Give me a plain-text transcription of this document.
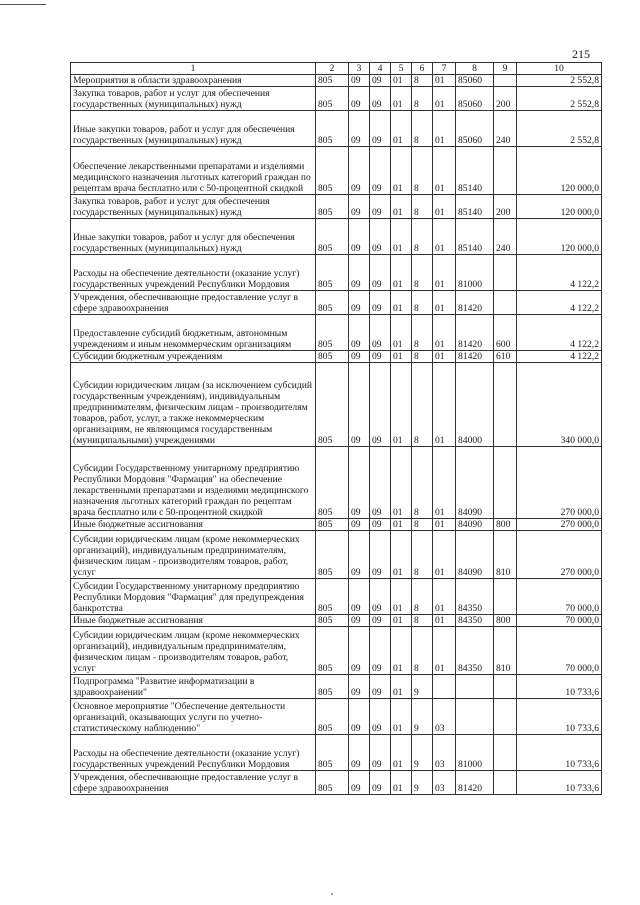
215
1	2	3	4	5	6	7	8	9	10
Мероприятия в области здравоохранения	805	09	09	01	8	01	85060		2 552,8
Закупка товаров, работ и услуг для обеспечения государственных (муниципальных) нужд	805	09	09	01	8	01	85060	200	2 552,8
Иные закупки товаров, работ и услуг для обеспечения государственных (муниципальных) нужд	805	09	09	01	8	01	85060	240	2 552,8
Обеспечение лекарственными препаратами и изделиями медицинского назначения льготных категорий граждан по рецептам врача бесплатно или с 50-процентной скидкой	805	09	09	01	8	01	85140		120 000,0
Закупка товаров, работ и услуг для обеспечения государственных (муниципальных) нужд	805	09	09	01	8	01	85140	200	120 000,0
Иные закупки товаров, работ и услуг для обеспечения государственных (муниципальных) нужд	805	09	09	01	8	01	85140	240	120 000,0
Расходы на обеспечение деятельности (оказание услуг) государственных учреждений Республики Мордовия	805	09	09	01	8	01	81000		4 122,2
Учреждения, обеспечивающие предоставление услуг в сфере здравоохранения	805	09	09	01	8	01	81420		4 122,2
Предоставление субсидий бюджетным, автономным учреждениям и иным некоммерческим организациям	805	09	09	01	8	01	81420	600	4 122,2
Субсидии бюджетным учреждениям	805	09	09	01	8	01	81420	610	4 122,2
Субсидии юридическим лицам (за исключением субсидий государственным учреждениям), индивидуальным предпринимателям, физическим лицам - производителям товаров, работ, услуг, а также некоммерческим организациям, не являющимся государственным (муниципальными) учреждениями	805	09	09	01	8	01	84000		340 000,0
Субсидии Государственному унитарному предприятию Республики Мордовия "Фармация" на обеспечение лекарственными препаратами и изделиями медицинского назначения льготных категорий граждан по рецептам врача бесплатно или с 50-процентной скидкой	805	09	09	01	8	01	84090		270 000,0
Иные бюджетные ассигнования	805	09	09	01	8	01	84090	800	270 000,0
Субсидии юридическим лицам (кроме некоммерческих организаций), индивидуальным предпринимателям, физическим лицам - производителям товаров, работ, услуг	805	09	09	01	8	01	84090	810	270 000,0
Субсидии Государственному унитарному предприятию Республики Мордовия "Фармация" для предупреждения банкротства	805	09	09	01	8	01	84350		70 000,0
Иные бюджетные ассигнования	805	09	09	01	8	01	84350	800	70 000,0
Субсидии юридическим лицам (кроме некоммерческих организаций), индивидуальным предпринимателям, физическим лицам - производителям товаров, работ, услуг	805	09	09	01	8	01	84350	810	70 000,0
Подпрограмма "Развитие информатизации в здравоохранении"	805	09	09	01	9				10 733,6
Основное мероприятие "Обеспечение деятельности организаций, оказывающих услуги по учетно-статистическому наблюдению"	805	09	09	01	9	03			10 733,6
Расходы на обеспечение деятельности (оказание услуг) государственных учреждений Республики Мордовия	805	09	09	01	9	03	81000		10 733,6
Учреждения, обеспечивающие предоставление услуг в сфере здравоохранения	805	09	09	01	9	03	81420		10 733,6
